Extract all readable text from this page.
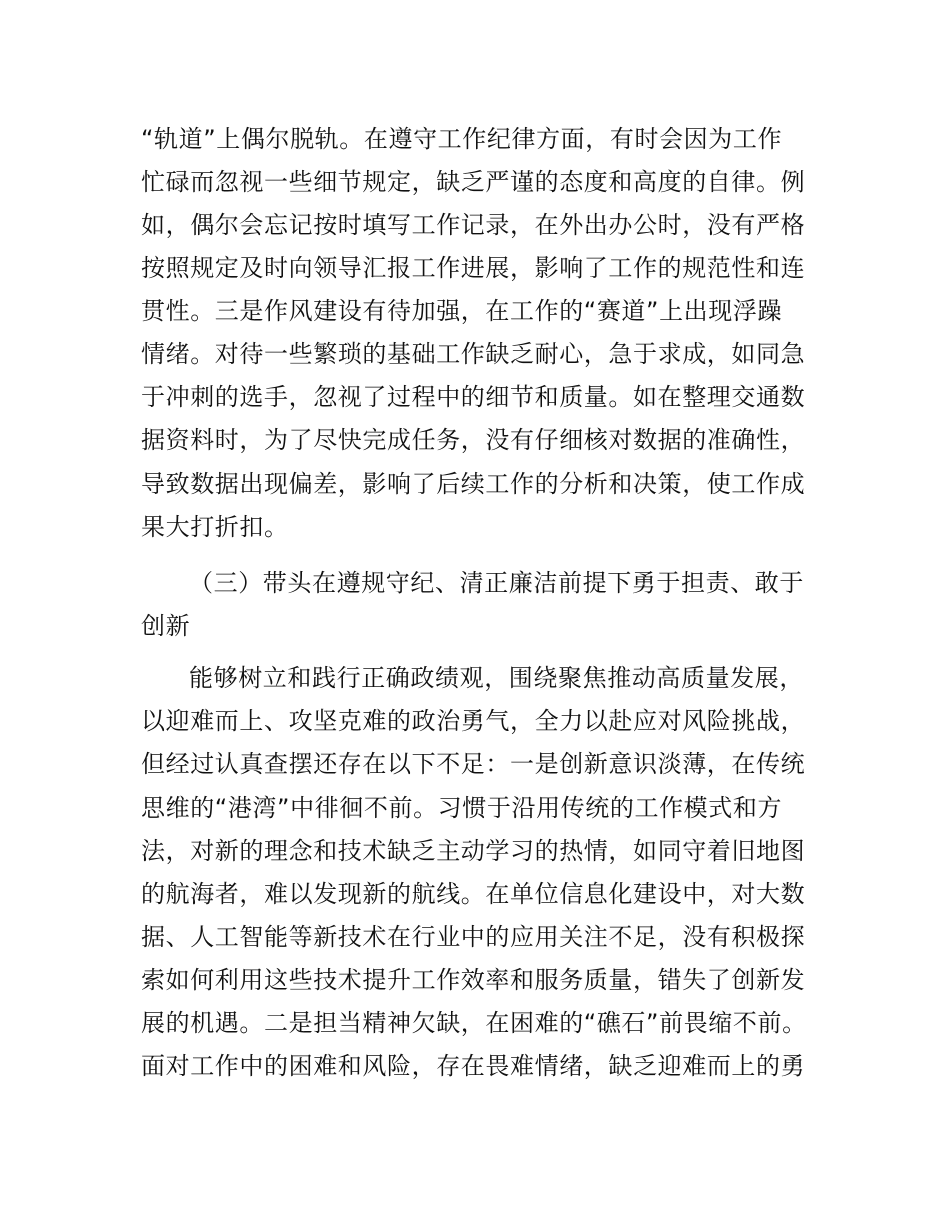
“轨道”上偶尔脱轨。在遵守工作纪律方面，有时会因为工作
忙碌而忽视一些细节规定，缺乏严谨的态度和高度的自律。例
如，偶尔会忘记按时填写工作记录，在外出办公时，没有严格
按照规定及时向领导汇报工作进展，影响了工作的规范性和连
贯性。三是作风建设有待加强，在工作的“赛道”上出现浮躁
情绪。对待一些繁琐的基础工作缺乏耐心，急于求成，如同急
于冲刺的选手，忽视了过程中的细节和质量。如在整理交通数
据资料时，为了尽快完成任务，没有仔细核对数据的准确性，
导致数据出现偏差，影响了后续工作的分析和决策，使工作成
果大打折扣。
（三）带头在遵规守纪、清正廉洁前提下勇于担责、敢于
创新
能够树立和践行正确政绩观，围绕聚焦推动高质量发展，
以迎难而上、攻坚克难的政治勇气，全力以赴应对风险挑战，
但经过认真查摆还存在以下不足：一是创新意识淡薄，在传统
思维的“港湾”中徘徊不前。习惯于沿用传统的工作模式和方
法，对新的理念和技术缺乏主动学习的热情，如同守着旧地图
的航海者，难以发现新的航线。在单位信息化建设中，对大数
据、人工智能等新技术在行业中的应用关注不足，没有积极探
索如何利用这些技术提升工作效率和服务质量，错失了创新发
展的机遇。二是担当精神欠缺，在困难的“礁石”前畏缩不前。
面对工作中的困难和风险，存在畏难情绪，缺乏迎难而上的勇
